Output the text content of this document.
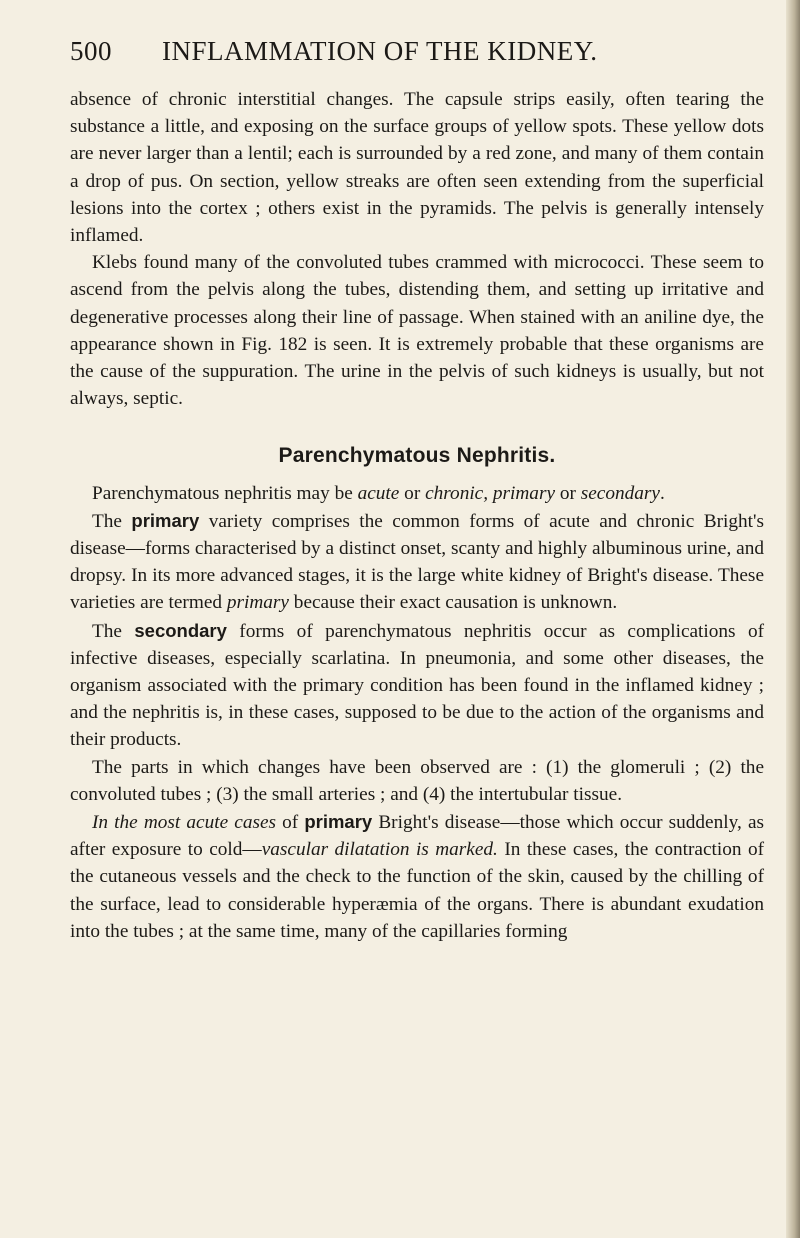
500	INFLAMMATION OF THE KIDNEY.

absence of chronic interstitial changes. The capsule strips easily, often tearing the substance a little, and exposing on the surface groups of yellow spots. These yellow dots are never larger than a lentil; each is surrounded by a red zone, and many of them contain a drop of pus. On section, yellow streaks are often seen extending from the superficial lesions into the cortex ; others exist in the pyramids. The pelvis is generally intensely inflamed.

Klebs found many of the convoluted tubes crammed with micrococci. These seem to ascend from the pelvis along the tubes, distending them, and setting up irritative and degenerative processes along their line of passage. When stained with an aniline dye, the appearance shown in Fig. 182 is seen. It is extremely probable that these organisms are the cause of the suppuration. The urine in the pelvis of such kidneys is usually, but not always, septic.

Parenchymatous Nephritis.

Parenchymatous nephritis may be acute or chronic, primary or secondary.

The primary variety comprises the common forms of acute and chronic Bright's disease—forms characterised by a distinct onset, scanty and highly albuminous urine, and dropsy. In its more advanced stages, it is the large white kidney of Bright's disease. These varieties are termed primary because their exact causation is unknown.

The secondary forms of parenchymatous nephritis occur as complications of infective diseases, especially scarlatina. In pneumonia, and some other diseases, the organism associated with the primary condition has been found in the inflamed kidney ; and the nephritis is, in these cases, supposed to be due to the action of the organisms and their products.

The parts in which changes have been observed are : (1) the glomeruli ; (2) the convoluted tubes ; (3) the small arteries ; and (4) the intertubular tissue.

In the most acute cases of primary Bright's disease—those which occur suddenly, as after exposure to cold—vascular dilatation is marked. In these cases, the contraction of the cutaneous vessels and the check to the function of the skin, caused by the chilling of the surface, lead to considerable hyperæmia of the organs. There is abundant exudation into the tubes ; at the same time, many of the capillaries forming
